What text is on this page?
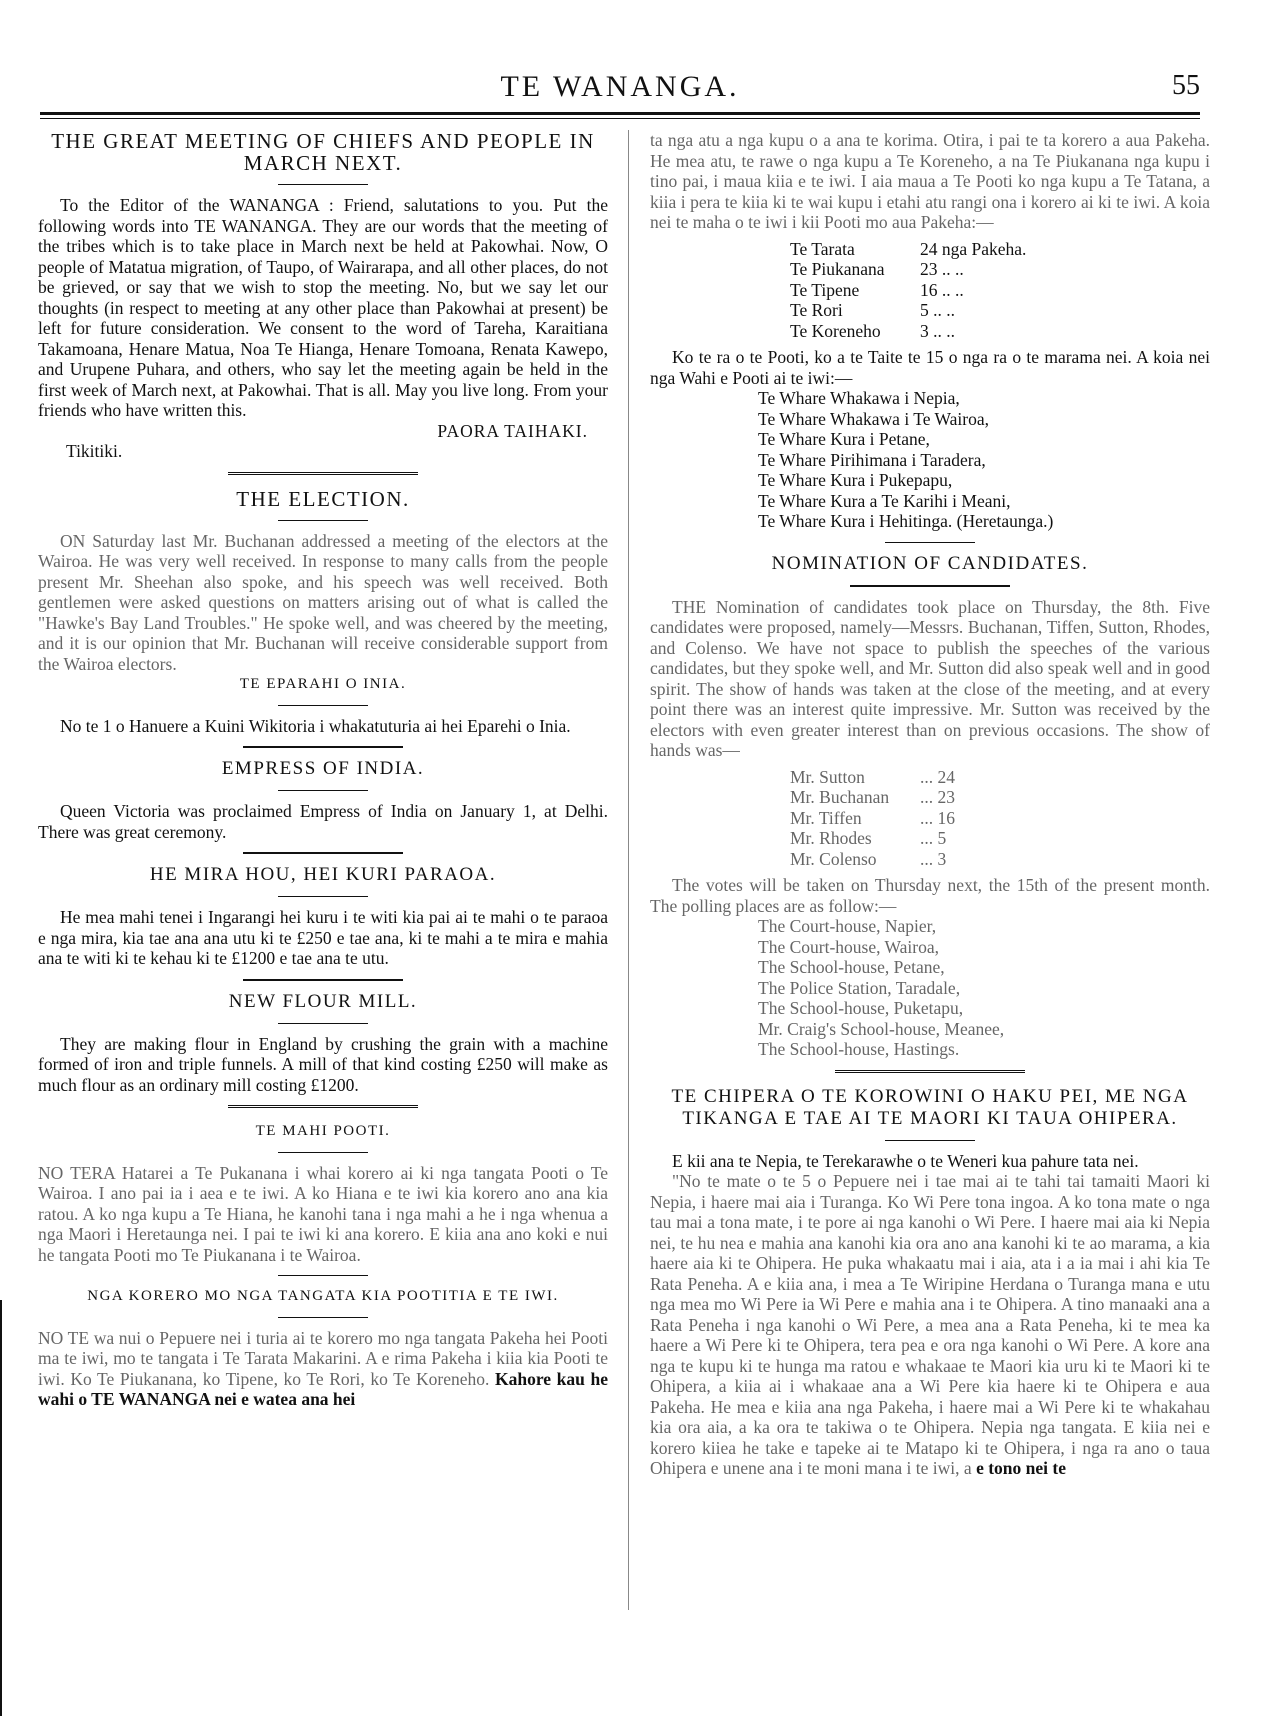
TE WANANGA.	55
THE GREAT MEETING OF CHIEFS AND PEOPLE IN MARCH NEXT.

To the Editor of the WANANGA : Friend, salutations to you. Put the following words into TE WANANGA. They are our words that the meeting of the tribes which is to take place in March next be held at Pakowhai. Now, O people of Matatua migration, of Taupo, of Wairarapa, and all other places, do not be grieved, or say that we wish to stop the meeting. No, but we say let our thoughts (in respect to meeting at any other place than Pakowhai at present) be left for future consideration. We consent to the word of Tareha, Karaitiana Takamoana, Henare Matua, Noa Te Hianga, Henare Tomoana, Renata Kawepo, and Urupene Puhara, and others, who say let the meeting again be held in the first week of March next, at Pakowhai. That is all. May you live long. From your friends who have written this.

PAORA TAIHAKI.

Tikitiki.

THE ELECTION.

ON Saturday last Mr. Buchanan addressed a meeting of the electors at the Wairoa. He was very well received. In response to many calls from the people present Mr. Sheehan also spoke, and his speech was well received. Both gentlemen were asked questions on matters arising out of what is called the "Hawke's Bay Land Troubles." He spoke well, and was cheered by the meeting, and it is our opinion that Mr. Buchanan will receive considerable support from the Wairoa electors.

TE EPARAHI O INIA.

No te 1 o Hanuere a Kuini Wikitoria i whakatuturia ai hei Eparehi o Inia.

EMPRESS OF INDIA.

Queen Victoria was proclaimed Empress of India on January 1, at Delhi. There was great ceremony.

HE MIRA HOU, HEI KURI PARAOA.

He mea mahi tenei i Ingarangi hei kuru i te witi kia pai ai te mahi o te paraoa e nga mira, kia tae ana ana utu ki te £250 e tae ana, ki te mahi a te mira e mahia ana te witi ki te kehau ki te £1200 e tae ana te utu.

NEW FLOUR MILL.

They are making flour in England by crushing the grain with a machine formed of iron and triple funnels. A mill of that kind costing £250 will make as much flour as an ordinary mill costing £1200.

TE MAHI POOTI.

NO TERA Hatarei a Te Pukanana i whai korero ai ki nga tangata Pooti o Te Wairoa. I ano pai ia i aea e te iwi. A ko Hiana e te iwi kia korero ano ana kia ratou. A ko nga kupu a Te Hiana, he kanohi tana i nga mahi a he i nga whenua a nga Maori i Heretaunga nei. I pai te iwi ki ana korero. E kiia ana ano koki e nui he tangata Pooti mo Te Piukanana i te Wairoa.

NGA KORERO MO NGA TANGATA KIA POOTITIA E TE IWI.

NO TE wa nui o Pepuere nei i turia ai te korero mo nga tangata Pakeha hei Pooti ma te iwi, mo te tangata i Te Tarata Makarini. A e rima Pakeha i kiia kia Pooti te iwi. Ko Te Piukanana, ko Tipene, ko Te Rori, ko Te Koreneho. Kahore kau he wahi o TE WANANGA nei e watea ana hei

ta nga atu a nga kupu o a ana te korima. Otira, i pai te ta korero a aua Pakeha. He mea atu, te rawe o nga kupu a Te Koreneho, a na Te Piukanana nga kupu i tino pai, i maua kiia e te iwi. I aia maua a Te Pooti ko nga kupu a Te Tatana, a kiia i pera te kiia ki te wai kupu i etahi atu rangi ona i korero ai ki te iwi. A koia nei te maha o te iwi i kii Pooti mo aua Pakeha:—

Te Tarata	24 nga Pakeha.
Te Piukanana	23 .. ..
Te Tipene	16 .. ..
Te Rori	5 .. ..
Te Koreneho	3 .. ..

Ko te ra o te Pooti, ko a te Taite te 15 o nga ra o te marama nei. A koia nei nga Wahi e Pooti ai te iwi:—

Te Whare Whakawa i Nepia,
Te Whare Whakawa i Te Wairoa,
Te Whare Kura i Petane,
Te Whare Pirihimana i Taradera,
Te Whare Kura i Pukepapu,
Te Whare Kura a Te Karihi i Meani,
Te Whare Kura i Hehitinga. (Heretaunga.)
NOMINATION OF CANDIDATES.

THE Nomination of candidates took place on Thursday, the 8th. Five candidates were proposed, namely—Messrs. Buchanan, Tiffen, Sutton, Rhodes, and Colenso. We have not space to publish the speeches of the various candidates, but they spoke well, and Mr. Sutton did also speak well and in good spirit. The show of hands was taken at the close of the meeting, and at every point there was an interest quite impressive. Mr. Sutton was received by the electors with even greater interest than on previous occasions. The show of hands was—

Mr. Sutton	... 24
Mr. Buchanan	... 23
Mr. Tiffen	... 16
Mr. Rhodes	... 5
Mr. Colenso	... 3

The votes will be taken on Thursday next, the 15th of the present month. The polling places are as follow:—

The Court-house, Napier,
The Court-house, Wairoa,
The School-house, Petane,
The Police Station, Taradale,
The School-house, Puketapu,
Mr. Craig's School-house, Meanee,
The School-house, Hastings.
TE CHIPERA O TE KOROWINI O HAKU PEI, ME NGA TIKANGA E TAE AI TE MAORI KI TAUA OHIPERA.

E kii ana te Nepia, te Terekarawhe o te Weneri kua pahure tata nei.

"No te mate o te 5 o Pepuere nei i tae mai ai te tahi tai tamaiti Maori ki Nepia, i haere mai aia i Turanga. Ko Wi Pere tona ingoa. A ko tona mate o nga tau mai a tona mate, i te pore ai nga kanohi o Wi Pere. I haere mai aia ki Nepia nei, te hu nea e mahia ana kanohi kia ora ano ana kanohi ki te ao marama, a kia haere aia ki te Ohipera. He puka whakaatu mai i aia, ata i a ia mai i ahi kia Te Rata Peneha. A e kiia ana, i mea a Te Wiripine Herdana o Turanga mana e utu nga mea mo Wi Pere ia Wi Pere e mahia ana i te Ohipera. A tino manaaki ana a Rata Peneha i nga kanohi o Wi Pere, a mea ana a Rata Peneha, ki te mea ka haere a Wi Pere ki te Ohipera, tera pea e ora nga kanohi o Wi Pere. A kore ana nga te kupu ki te hunga ma ratou e whakaae te Maori kia uru ki te Maori ki te Ohipera, a kiia ai i whakaae ana a Wi Pere kia haere ki te Ohipera e aua Pakeha. He mea e kiia ana nga Pakeha, i haere mai a Wi Pere ki te whakahau kia ora aia, a ka ora te takiwa o te Ohipera. Nepia nga tangata. E kiia nei e korero kiiea he take e tapeke ai te Matapo ki te Ohipera, i nga ra ano o taua Ohipera e unene ana i te moni mana i te iwi, a e tono nei te
